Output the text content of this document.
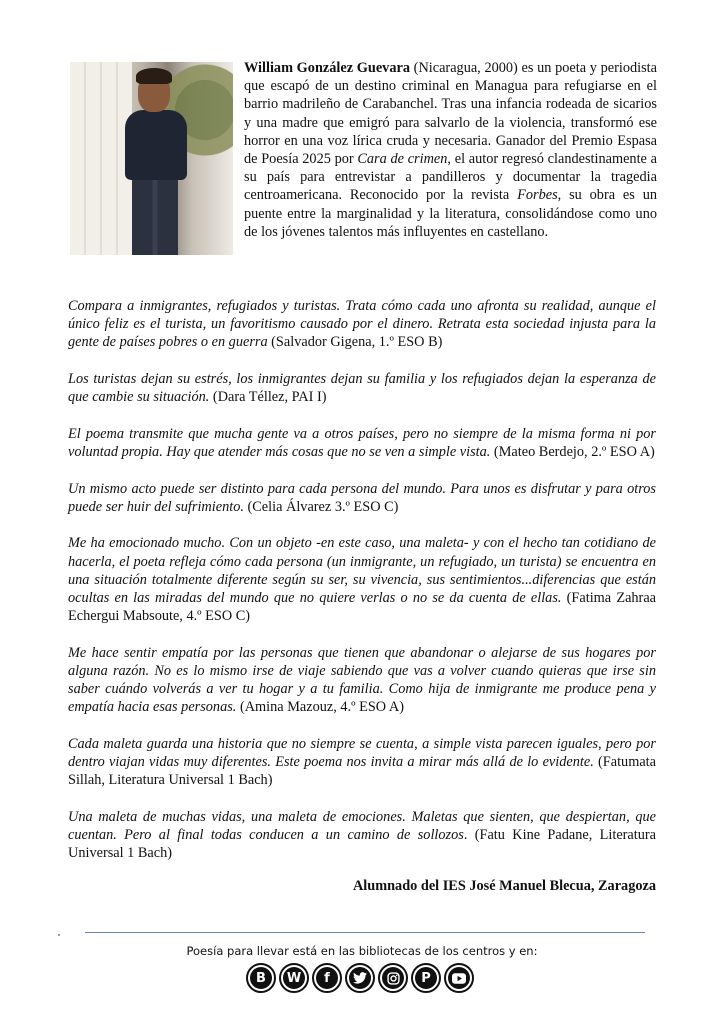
William González Guevara (Nicaragua, 2000) es un poeta y periodista que escapó de un destino criminal en Managua para refugiarse en el barrio madrileño de Carabanchel. Tras una infancia rodeada de sicarios y una madre que emigró para salvarlo de la violencia, transformó ese horror en una voz lírica cruda y necesaria. Ganador del Premio Espasa de Poesía 2025 por Cara de crimen, el autor regresó clandestinamente a su país para entrevistar a pandilleros y documentar la tragedia centroamericana. Reconocido por la revista Forbes, su obra es un puente entre la marginalidad y la literatura, consolidándose como uno de los jóvenes talentos más influyentes en castellano.

Compara a inmigrantes, refugiados y turistas. Trata cómo cada uno afronta su realidad, aunque el único feliz es el turista, un favoritismo causado por el dinero. Retrata esta sociedad injusta para la gente de países pobres o en guerra (Salvador Gigena, 1.º ESO B)

Los turistas dejan su estrés, los inmigrantes dejan su familia y los refugiados dejan la esperanza de que cambie su situación. (Dara Téllez, PAI I)

El poema transmite que mucha gente va a otros países, pero no siempre de la misma forma ni por voluntad propia. Hay que atender más cosas que no se ven a simple vista. (Mateo Berdejo, 2.º ESO A)

Un mismo acto puede ser distinto para cada persona del mundo. Para unos es disfrutar y para otros puede ser huir del sufrimiento. (Celia Álvarez 3.º ESO C)

Me ha emocionado mucho. Con un objeto -en este caso, una maleta- y con el hecho tan cotidiano de hacerla, el poeta refleja cómo cada persona (un inmigrante, un refugiado, un turista) se encuentra en una situación totalmente diferente según su ser, su vivencia, sus sentimientos...diferencias que están ocultas en las miradas del mundo que no quiere verlas o no se da cuenta de ellas. (Fatima Zahraa Echergui Mabsoute, 4.º ESO C)

Me hace sentir empatía por las personas que tienen que abandonar o alejarse de sus hogares por alguna razón. No es lo mismo irse de viaje sabiendo que vas a volver cuando quieras que irse sin saber cuándo volverás a ver tu hogar y a tu familia. Como hija de inmigrante me produce pena y empatía hacia esas personas. (Amina Mazouz, 4.º ESO A)

Cada maleta guarda una historia que no siempre se cuenta, a simple vista parecen iguales, pero por dentro viajan vidas muy diferentes. Este poema nos invita a mirar más allá de lo evidente. (Fatumata Sillah, Literatura Universal 1 Bach)

Una maleta de muchas vidas, una maleta de emociones. Maletas que sienten, que despiertan, que cuentan. Pero al final todas conducen a un camino de sollozos. (Fatu Kine Padane, Literatura Universal 1 Bach)

Alumnado del IES José Manuel Blecua, Zaragoza

Poesía para llevar está en las bibliotecas de los centros y en:
B	W	f	P
